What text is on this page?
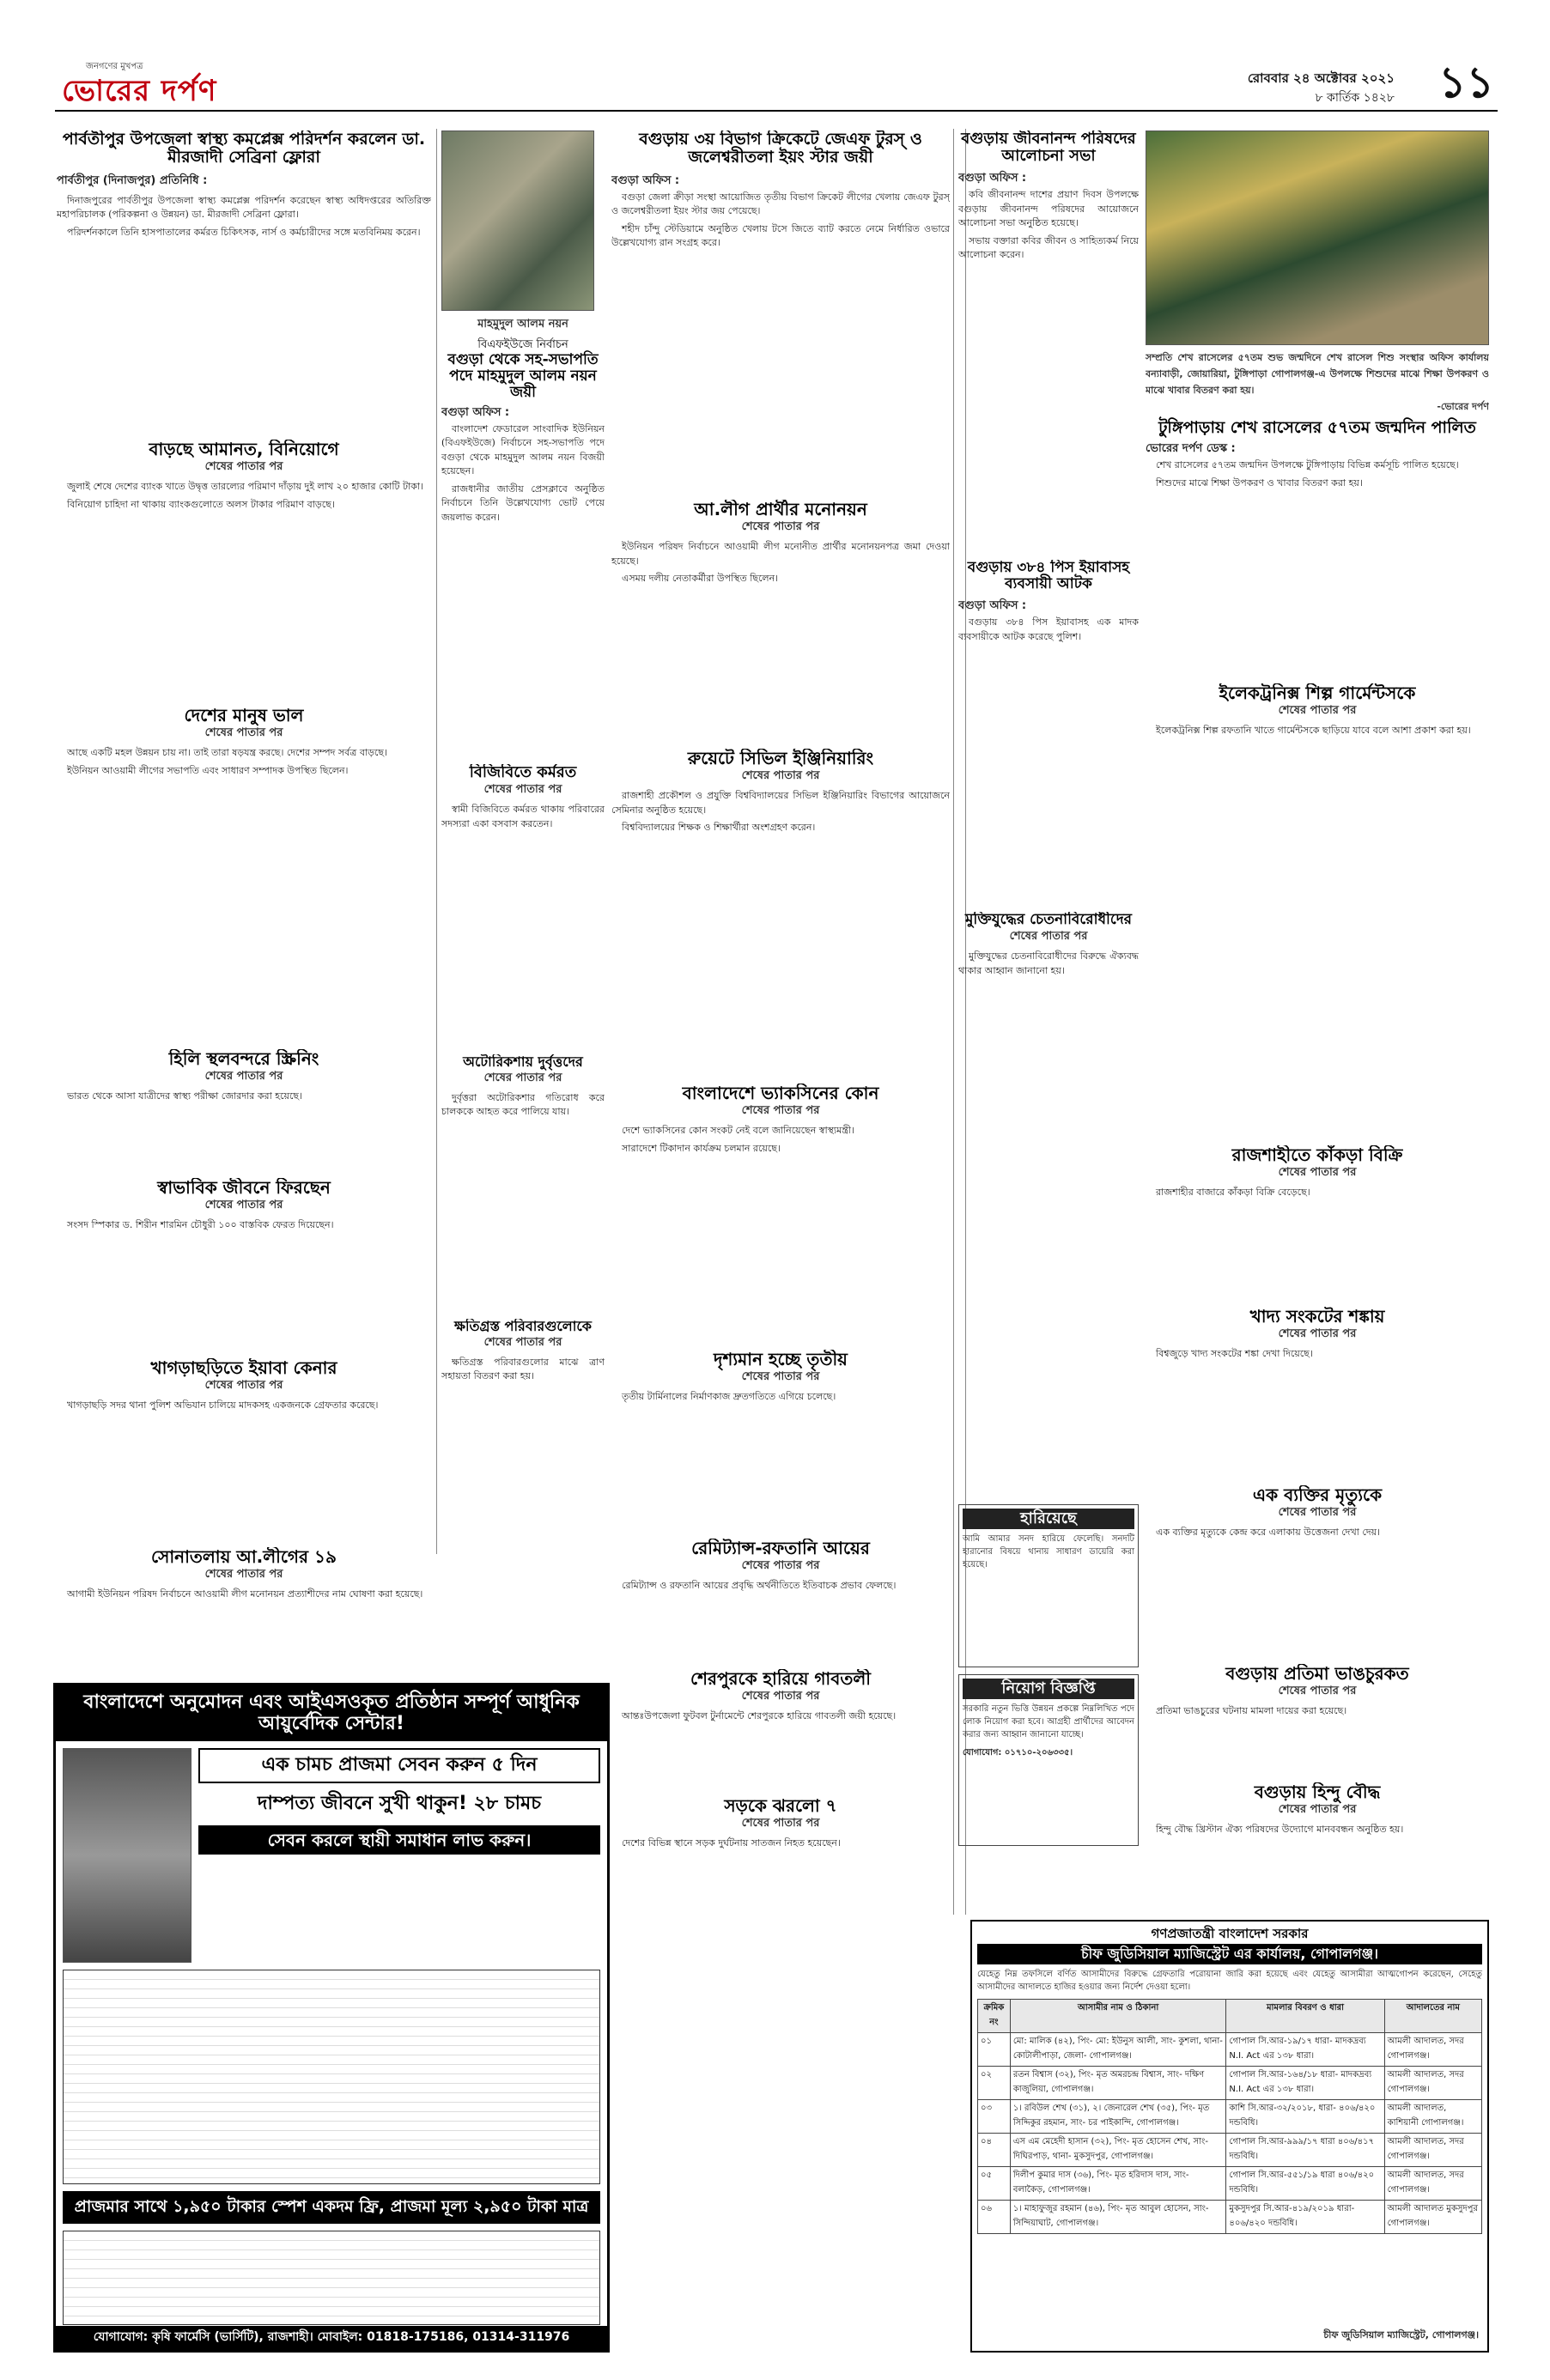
জনগণের মুখপত্র
ভোরের দর্পণ	রোববার ২৪ অক্টোবর ২০২১
৮ কার্তিক ১৪২৮ ১১
পার্বতীপুর উপজেলা স্বাস্থ্য কমপ্লেক্স পরিদর্শন করলেন ডা. মীরজাদী সেব্রিনা ফ্লোরা
পার্বতীপুর (দিনাজপুর) প্রতিনিধি :

দিনাজপুরের পার্বতীপুর উপজেলা স্বাস্থ্য কমপ্লেক্স পরিদর্শন করেছেন স্বাস্থ্য অধিদপ্তরের অতিরিক্ত মহাপরিচালক (পরিকল্পনা ও উন্নয়ন) ডা. মীরজাদী সেব্রিনা ফ্লোরা।

পরিদর্শনকালে তিনি হাসপাতালের কর্মরত চিকিৎসক, নার্স ও কর্মচারীদের সঙ্গে মতবিনিময় করেন।

বাড়ছে আমানত, বিনিয়োগে
শেষের পাতার পর

জুলাই শেষে দেশের ব্যাংক খাতে উদ্বৃত্ত তারল্যের পরিমাণ দাঁড়ায় দুই লাখ ২০ হাজার কোটি টাকা।

বিনিয়োগ চাহিদা না থাকায় ব্যাংকগুলোতে অলস টাকার পরিমাণ বাড়ছে।

দেশের মানুষ ভাল
শেষের পাতার পর

আছে একটি মহল উন্নয়ন চায় না। তাই তারা ষড়যন্ত্র করছে। দেশের সম্পদ সর্বত্র বাড়ছে।

ইউনিয়ন আওয়ামী লীগের সভাপতি এবং সাধারণ সম্পাদক উপস্থিত ছিলেন।

হিলি স্থলবন্দরে স্ক্রিনিং
শেষের পাতার পর

ভারত থেকে আসা যাত্রীদের স্বাস্থ্য পরীক্ষা জোরদার করা হয়েছে।

স্বাভাবিক জীবনে ফিরছেন
শেষের পাতার পর

সংসদ স্পিকার ড. শিরীন শারমিন চৌধুরী ১০০ বাস্তবিক ফেরত দিয়েছেন।

খাগড়াছড়িতে ইয়াবা কেনার
শেষের পাতার পর

খাগড়াছড়ি সদর থানা পুলিশ অভিযান চালিয়ে মাদকসহ একজনকে গ্রেফতার করেছে।

সোনাতলায় আ.লীগের ১৯
শেষের পাতার পর

আগামী ইউনিয়ন পরিষদ নির্বাচনে আওয়ামী লীগ মনোনয়ন প্রত্যাশীদের নাম ঘোষণা করা হয়েছে।

মাহমুদুল আলম নয়ন
বিএফইউজে নির্বাচন
বগুড়া থেকে সহ-সভাপতি পদে মাহমুদুল আলম নয়ন জয়ী
বগুড়া অফিস :

বাংলাদেশ ফেডারেল সাংবাদিক ইউনিয়ন (বিএফইউজে) নির্বাচনে সহ-সভাপতি পদে বগুড়া থেকে মাহমুদুল আলম নয়ন বিজয়ী হয়েছেন।

রাজধানীর জাতীয় প্রেসক্লাবে অনুষ্ঠিত নির্বাচনে তিনি উল্লেখযোগ্য ভোট পেয়ে জয়লাভ করেন।

বিজিবিতে কর্মরত
শেষের পাতার পর

স্বামী বিজিবিতে কর্মরত থাকায় পরিবারের সদস্যরা একা বসবাস করতেন।

অটোরিকশায় দুর্বৃত্তদের
শেষের পাতার পর

দুর্বৃত্তরা অটোরিকশার গতিরোধ করে চালককে আহত করে পালিয়ে যায়।

ক্ষতিগ্রস্ত পরিবারগুলোকে
শেষের পাতার পর

ক্ষতিগ্রস্ত পরিবারগুলোর মাঝে ত্রাণ সহায়তা বিতরণ করা হয়।

বগুড়ায় ৩য় বিভাগ ক্রিকেটে জেএফ টুরস্ ও জলেশ্বরীতলা ইয়ং স্টার জয়ী
বগুড়া অফিস :

বগুড়া জেলা ক্রীড়া সংস্থা আয়োজিত তৃতীয় বিভাগ ক্রিকেট লীগের খেলায় জেএফ টুরস্ ও জলেশ্বরীতলা ইয়ং স্টার জয় পেয়েছে।

শহীদ চাঁন্দু স্টেডিয়ামে অনুষ্ঠিত খেলায় টসে জিতে ব্যাট করতে নেমে নির্ধারিত ওভারে উল্লেখযোগ্য রান সংগ্রহ করে।

আ.লীগ প্রার্থীর মনোনয়ন
শেষের পাতার পর

ইউনিয়ন পরিষদ নির্বাচনে আওয়ামী লীগ মনোনীত প্রার্থীর মনোনয়নপত্র জমা দেওয়া হয়েছে।

এসময় দলীয় নেতাকর্মীরা উপস্থিত ছিলেন।

রুয়েটে সিভিল ইঞ্জিনিয়ারিং
শেষের পাতার পর

রাজশাহী প্রকৌশল ও প্রযুক্তি বিশ্ববিদ্যালয়ের সিভিল ইঞ্জিনিয়ারিং বিভাগের আয়োজনে সেমিনার অনুষ্ঠিত হয়েছে।

বিশ্ববিদ্যালয়ের শিক্ষক ও শিক্ষার্থীরা অংশগ্রহণ করেন।

বাংলাদেশে ভ্যাকসিনের কোন
শেষের পাতার পর

দেশে ভ্যাকসিনের কোন সংকট নেই বলে জানিয়েছেন স্বাস্থ্যমন্ত্রী।

সারাদেশে টিকাদান কার্যক্রম চলমান রয়েছে।

দৃশ্যমান হচ্ছে তৃতীয়
শেষের পাতার পর

তৃতীয় টার্মিনালের নির্মাণকাজ দ্রুতগতিতে এগিয়ে চলেছে।

রেমিট্যান্স-রফতানি আয়ের
শেষের পাতার পর

রেমিট্যান্স ও রফতানি আয়ের প্রবৃদ্ধি অর্থনীতিতে ইতিবাচক প্রভাব ফেলছে।

শেরপুরকে হারিয়ে গাবতলী
শেষের পাতার পর

আন্তঃউপজেলা ফুটবল টুর্নামেন্টে শেরপুরকে হারিয়ে গাবতলী জয়ী হয়েছে।

সড়কে ঝরলো ৭
শেষের পাতার পর

দেশের বিভিন্ন স্থানে সড়ক দুর্ঘটনায় সাতজন নিহত হয়েছেন।

বগুড়ায় জীবনানন্দ পরিষদের আলোচনা সভা
বগুড়া অফিস :

কবি জীবনানন্দ দাশের প্রয়াণ দিবস উপলক্ষে বগুড়ায় জীবনানন্দ পরিষদের আয়োজনে আলোচনা সভা অনুষ্ঠিত হয়েছে।

সভায় বক্তারা কবির জীবন ও সাহিত্যকর্ম নিয়ে আলোচনা করেন।

বগুড়ায় ৩৮৪ পিস ইয়াবাসহ ব্যবসায়ী আটক
বগুড়া অফিস :

বগুড়ায় ৩৮৪ পিস ইয়াবাসহ এক মাদক ব্যবসায়ীকে আটক করেছে পুলিশ।

মুক্তিযুদ্ধের চেতনাবিরোধীদের
শেষের পাতার পর

মুক্তিযুদ্ধের চেতনাবিরোধীদের বিরুদ্ধে ঐক্যবদ্ধ থাকার আহ্বান জানানো হয়।

হারিয়েছে
আমি আমার সনদ হারিয়ে ফেলেছি। সনদটি হারানোর বিষয়ে থানায় সাধারণ ডায়েরি করা হয়েছে।
নিয়োগ বিজ্ঞপ্তি
সরকারি নতুন ভিত্তি উন্নয়ন প্রকল্পে নিম্নলিখিত পদে লোক নিয়োগ করা হবে। আগ্রহী প্রার্থীদের আবেদন করার জন্য আহ্বান জানানো যাচ্ছে।
যোগাযোগ: ০১৭১০-২০৬৩৩৫।
সম্প্রতি শেখ রাসেলের ৫৭তম শুভ জন্মদিনে শেখ রাসেল শিশু সংস্থার অফিস কার্যালয় বন্যাবাড়ী, জোয়ারিয়া, টুঙ্গিপাড়া গোপালগঞ্জ-এ উপলক্ষে শিশুদের মাঝে শিক্ষা উপকরণ ও মাঝে খাবার বিতরণ করা হয়।
-ভোরের দর্পণ
টুঙ্গিপাড়ায় শেখ রাসেলের ৫৭তম জন্মদিন পালিত
ভোরের দর্পণ ডেস্ক :

শেখ রাসেলের ৫৭তম জন্মদিন উপলক্ষে টুঙ্গিপাড়ায় বিভিন্ন কর্মসূচি পালিত হয়েছে।

শিশুদের মাঝে শিক্ষা উপকরণ ও খাবার বিতরণ করা হয়।

ইলেকট্রনিক্স শিল্প গার্মেন্টসকে
শেষের পাতার পর

ইলেকট্রনিক্স শিল্প রফতানি খাতে গার্মেন্টসকে ছাড়িয়ে যাবে বলে আশা প্রকাশ করা হয়।

রাজশাহীতে কাঁকড়া বিক্রি
শেষের পাতার পর

রাজশাহীর বাজারে কাঁকড়া বিক্রি বেড়েছে।

খাদ্য সংকটের শঙ্কায়
শেষের পাতার পর

বিশ্বজুড়ে খাদ্য সংকটের শঙ্কা দেখা দিয়েছে।

এক ব্যক্তির মৃত্যুকে
শেষের পাতার পর

এক ব্যক্তির মৃত্যুকে কেন্দ্র করে এলাকায় উত্তেজনা দেখা দেয়।

বগুড়ায় প্রতিমা ভাঙচুরকত
শেষের পাতার পর

প্রতিমা ভাঙচুরের ঘটনায় মামলা দায়ের করা হয়েছে।

বগুড়ায় হিন্দু বৌদ্ধ
শেষের পাতার পর

হিন্দু বৌদ্ধ খ্রিস্টান ঐক্য পরিষদের উদ্যোগে মানববন্ধন অনুষ্ঠিত হয়।

বাংলাদেশে অনুমোদন এবং আইএসওকৃত প্রতিষ্ঠান সম্পূর্ণ আধুনিক আয়ুর্বেদিক সেন্টার!
এক চামচ প্রাজমা সেবন করুন ৫ দিন
দাম্পত্য জীবনে সুখী থাকুন! ২৮ চামচ
সেবন করলে স্থায়ী সমাধান লাভ করুন।
প্রাজমার সাথে ১,৯৫০ টাকার স্পেশ একদম ফ্রি, প্রাজমা মূল্য ২,৯৫০ টাকা মাত্র
যোগাযোগ: কৃষি ফার্মেসি (ভার্সিটি), রাজশাহী। মোবাইল: 01818-175186, 01314-311976
গণপ্রজাতন্ত্রী বাংলাদেশ সরকার
চীফ জুডিসিয়াল ম্যাজিস্ট্রেট এর কার্যালয়, গোপালগঞ্জ।
যেহেতু নিম্ন তফসিলে বর্ণিত আসামীদের বিরুদ্ধে গ্রেফতারি পরোয়ানা জারি করা হয়েছে এবং যেহেতু আসামীরা আত্মগোপন করেছেন, সেহেতু আসামীদের আদালতে হাজির হওয়ার জন্য নির্দেশ দেওয়া হলো।
ক্রমিক নং	আসামীর নাম ও ঠিকানা	মামলার বিবরণ ও ধারা	আদালতের নাম
০১	মো: মালিক (৪২), পিং- মো: ইউনুস আলী, সাং- কুশলা, থানা- কোটালীপাড়া, জেলা- গোপালগঞ্জ।	গোপাল সি.আর-১৯/১৭ ধারা- মাদকদ্রব্য N.I. Act এর ১৩৮ ধারা।	আমলী আদালত, সদর গোপালগঞ্জ।
০২	রতন বিশ্বাস (৩২), পিং- মৃত অমরচন্দ্র বিশ্বাস, সাং- দক্ষিণ কাজুলিয়া, গোপালগঞ্জ।	গোপাল সি.আর-১৬৪/১৮ ধারা- মাদকদ্রব্য N.I. Act এর ১৩৮ ধারা।	আমলী আদালত, সদর গোপালগঞ্জ।
০৩	১। রবিউল শেখ (৩১), ২। জেনারেল শেখ (৩৫), পিং- মৃত সিদ্দিকুর রহমান, সাং- চর পাইকান্দি, গোপালগঞ্জ।	কাশি সি.আর-৩২/২০১৮, ধারা- ৪০৬/৪২০ দন্ডবিধি।	আমলী আদালত, কাশিয়ানী গোপালগঞ্জ।
০৪	এস এম মেহেদী হাসান (৩২), পিং- মৃত হোসেন শেখ, সাং- দিঘিরপাড়, থানা- মুকসুদপুর, গোপালগঞ্জ।	গোপাল সি.আর-৯৯৯/১৭ ধারা ৪০৬/৪১৭ দন্ডবিধি।	আমলী আদালত, সদর গোপালগঞ্জ।
০৫	দিলীপ কুমার দাস (৩৬), পিং- মৃত হরিদাস দাস, সাং- বলাকৈড়, গোপালগঞ্জ।	গোপাল সি.আর-৫৫১/১৯ ধারা ৪০৬/৪২০ দন্ডবিধি।	আমলী আদালত, সদর গোপালগঞ্জ।
০৬	১। মাহাফুজুর রহমান (৪৬), পিং- মৃত আবুল হোসেন, সাং- সিন্দিয়াঘাট, গোপালগঞ্জ।	মুকসুদপুর সি.আর-৪১৯/২০১৯ ধারা- ৪০৬/৪২০ দন্ডবিধি।	আমলী আদালত মুকসুদপুর গোপালগঞ্জ।
চীফ জুডিসিয়াল ম্যাজিস্ট্রেট, গোপালগঞ্জ।
